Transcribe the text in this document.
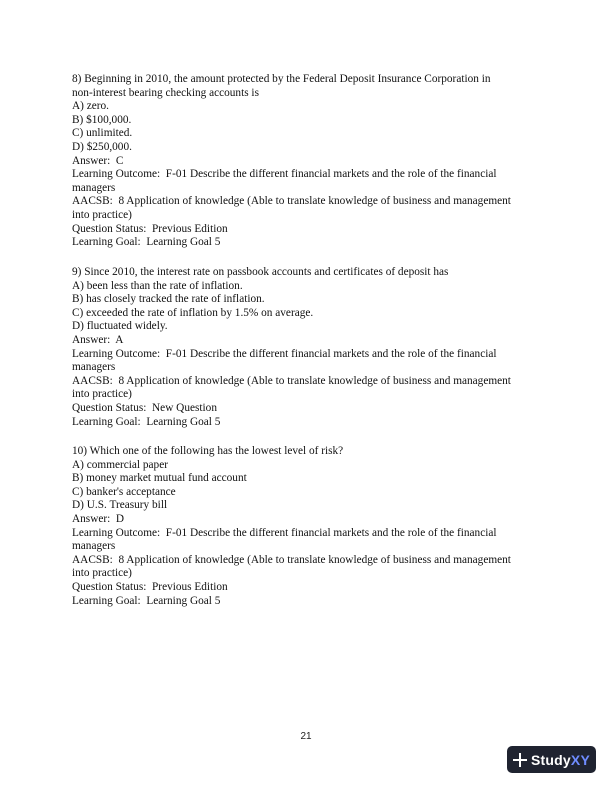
8) Beginning in 2010, the amount protected by the Federal Deposit Insurance Corporation in
non-interest bearing checking accounts is
A) zero.
B) $100,000.
C) unlimited.
D) $250,000.
Answer:  C
Learning Outcome:  F-01 Describe the different financial markets and the role of the financial
managers
AACSB:  8 Application of knowledge (Able to translate knowledge of business and management
into practice)
Question Status:  Previous Edition
Learning Goal:  Learning Goal 5
9) Since 2010, the interest rate on passbook accounts and certificates of deposit has
A) been less than the rate of inflation.
B) has closely tracked the rate of inflation.
C) exceeded the rate of inflation by 1.5% on average.
D) fluctuated widely.
Answer:  A
Learning Outcome:  F-01 Describe the different financial markets and the role of the financial
managers
AACSB:  8 Application of knowledge (Able to translate knowledge of business and management
into practice)
Question Status:  New Question
Learning Goal:  Learning Goal 5
10) Which one of the following has the lowest level of risk?
A) commercial paper
B) money market mutual fund account
C) banker's acceptance
D) U.S. Treasury bill
Answer:  D
Learning Outcome:  F-01 Describe the different financial markets and the role of the financial
managers
AACSB:  8 Application of knowledge (Able to translate knowledge of business and management
into practice)
Question Status:  Previous Edition
Learning Goal:  Learning Goal 5
21
StudyXY
